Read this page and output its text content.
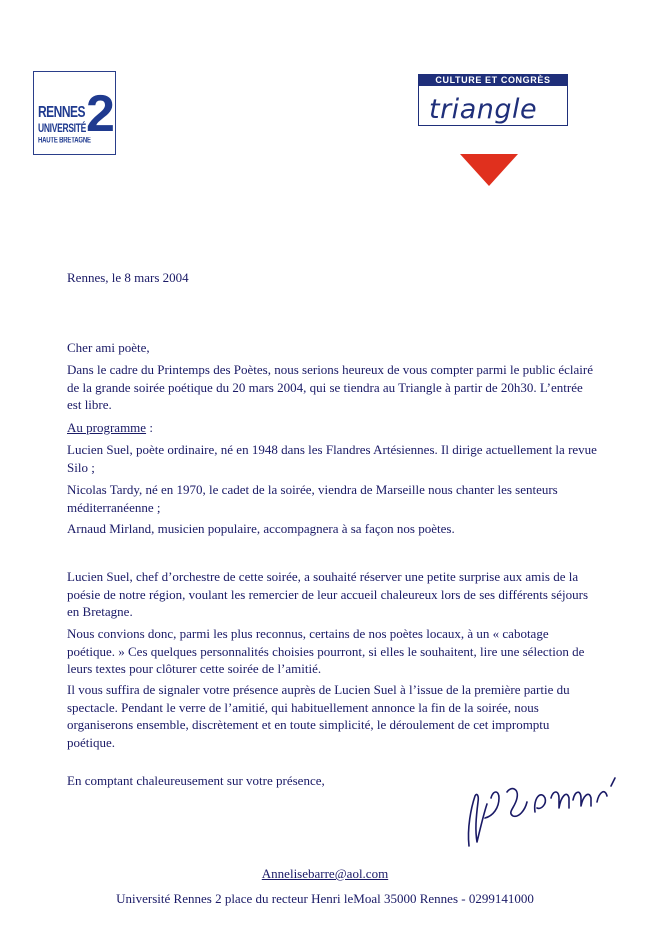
RENNES
UNIVERSITÉ
HAUTE BRETAGNE
2
CULTURE ET CONGRÈS
triangle
Rennes, le 8 mars 2004
Cher ami poète,

Dans le cadre du Printemps des Poètes, nous serions heureux de vous compter parmi le public éclairé de la grande soirée poétique du 20 mars 2004, qui se tiendra au Triangle à partir de 20h30. L’entrée est libre.

Au programme :

Lucien Suel, poète ordinaire, né en 1948 dans les Flandres Artésiennes. Il dirige actuellement la revue Silo ;

Nicolas Tardy, né en 1970, le cadet de la soirée, viendra de Marseille nous chanter les senteurs méditerranéenne ;

Arnaud Mirland, musicien populaire, accompagnera à sa façon nos poètes.

Lucien Suel, chef d’orchestre de cette soirée, a souhaité réserver une petite surprise aux amis de la poésie de notre région, voulant les remercier de leur accueil chaleureux lors de ses différents séjours en Bretagne.

Nous convions donc, parmi les plus reconnus, certains de nos poètes locaux, à un « cabotage poétique. » Ces quelques personnalités choisies pourront, si elles le souhaitent, lire une sélection de leurs textes pour clôturer cette soirée de l’amitié.

Il vous suffira de signaler votre présence auprès de Lucien Suel à l’issue de la première partie du spectacle. Pendant le verre de l’amitié, qui habituellement annonce la fin de la soirée, nous organiserons ensemble, discrètement et en toute simplicité, le déroulement de cet impromptu poétique.

En comptant chaleureusement sur votre présence,
Annelisebarre@aol.com
Université Rennes 2 place du recteur Henri leMoal 35000 Rennes - 0299141000
